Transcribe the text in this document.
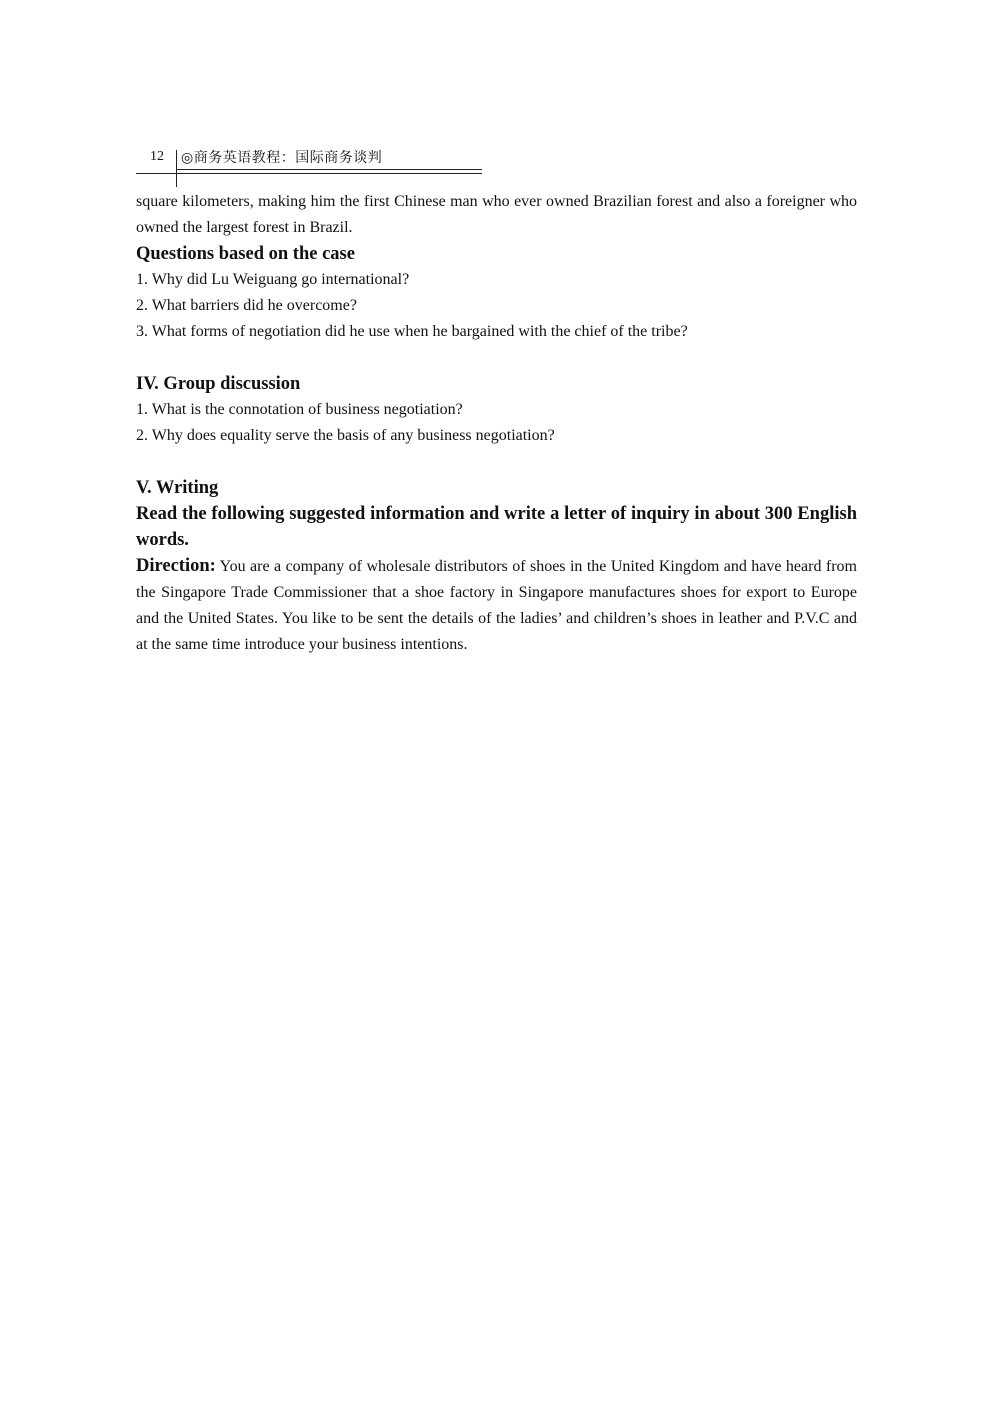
12 ◎商务英语教程：国际商务谈判

square kilometers, making him the first Chinese man who ever owned Brazilian forest and also a foreigner who owned the largest forest in Brazil.

Questions based on the case

1. Why did Lu Weiguang go international?

2. What barriers did he overcome?

3. What forms of negotiation did he use when he bargained with the chief of the tribe?

IV. Group discussion

1. What is the connotation of business negotiation?

2. Why does equality serve the basis of any business negotiation?

V. Writing

Read the following suggested information and write a letter of inquiry in about 300 English words.

Direction: You are a company of wholesale distributors of shoes in the United Kingdom and have heard from the Singapore Trade Commissioner that a shoe factory in Singapore manufactures shoes for export to Europe and the United States. You like to be sent the details of the ladies’ and children’s shoes in leather and P.V.C and at the same time introduce your business intentions.
